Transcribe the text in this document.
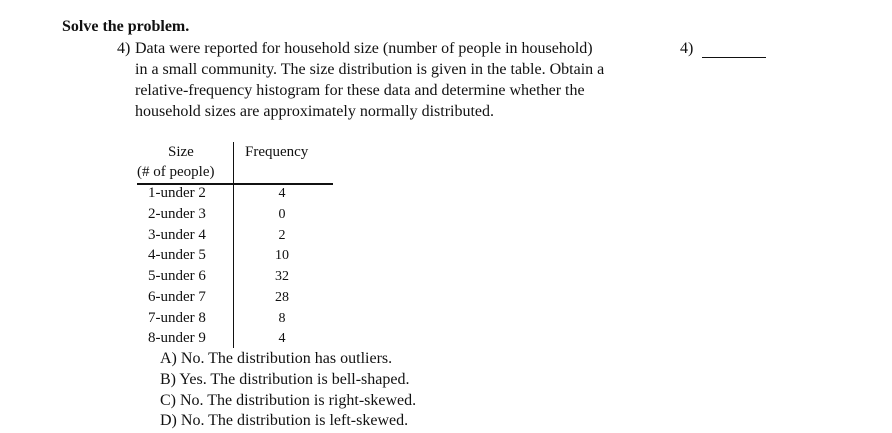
Solve the problem.
4) Data were reported for household size (number of people in household)
in a small community. The size distribution is given in the table. Obtain a
relative-frequency histogram for these data and determine whether the
household sizes are approximately normally distributed.
4)
Size
(# of people)
Frequency
1-under 2	4
2-under 3	0
3-under 4	2
4-under 5	10
5-under 6	32
6-under 7	28
7-under 8	8
8-under 9	4
A) No. The distribution has outliers.
B) Yes. The distribution is bell-shaped.
C) No. The distribution is right-skewed.
D) No. The distribution is left-skewed.
